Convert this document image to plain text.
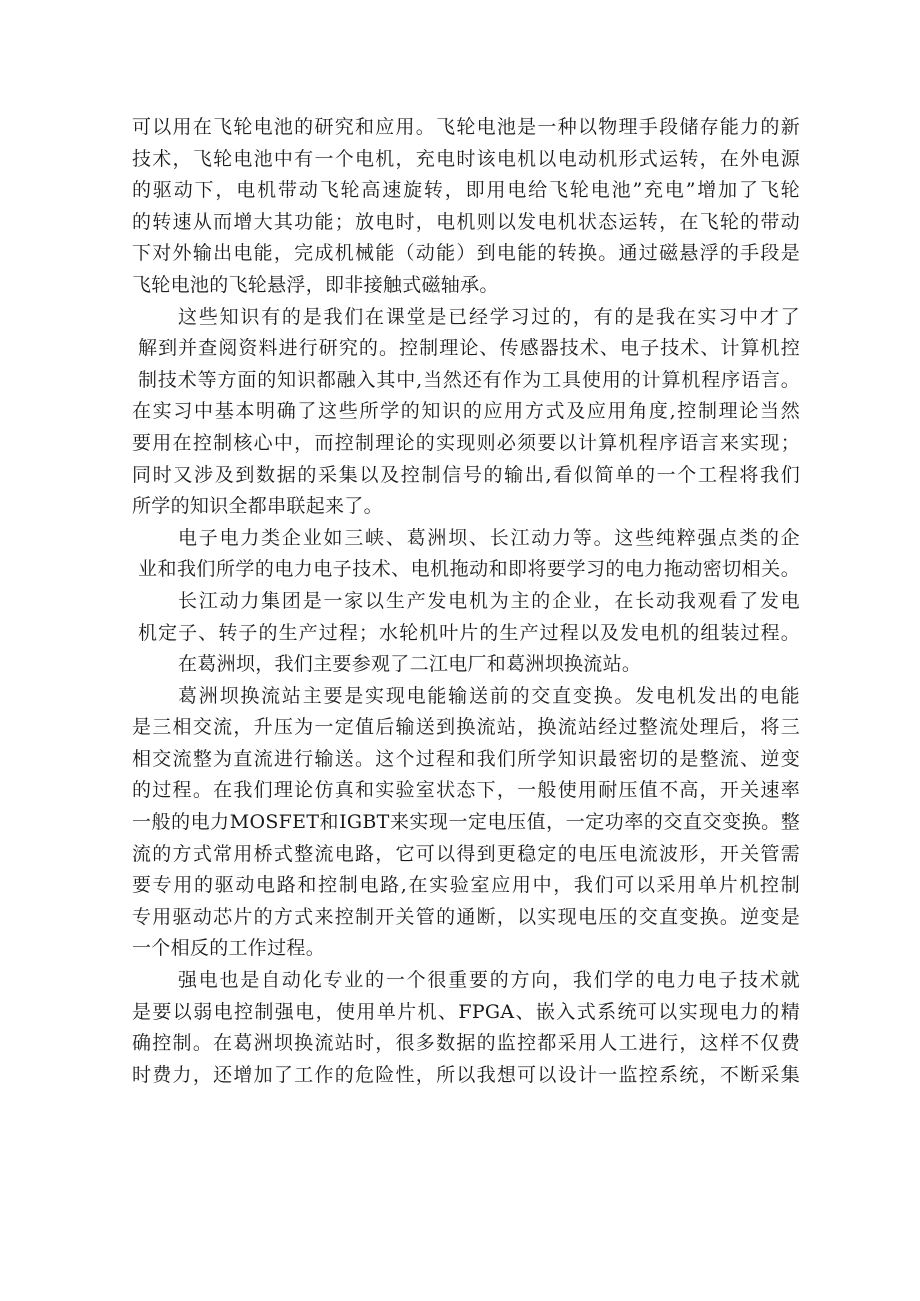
可以用在飞轮电池的研究和应用。飞轮电池是一种以物理手段储存能力的新
技术，飞轮电池中有一个电机，充电时该电机以电动机形式运转，在外电源
的驱动下，电机带动飞轮高速旋转，即用电给飞轮电池”充电”增加了飞轮
的转速从而增大其功能；放电时，电机则以发电机状态运转，在飞轮的带动
下对外输出电能，完成机械能（动能）到电能的转换。通过磁悬浮的手段是
飞轮电池的飞轮悬浮，即非接触式磁轴承。
这些知识有的是我们在课堂是已经学习过的，有的是我在实习中才了
解到并查阅资料进行研究的。控制理论、传感器技术、电子技术、计算机控
制技术等方面的知识都融入其中,当然还有作为工具使用的计算机程序语言。
在实习中基本明确了这些所学的知识的应用方式及应用角度,控制理论当然
要用在控制核心中，而控制理论的实现则必须要以计算机程序语言来实现；
同时又涉及到数据的采集以及控制信号的输出,看似简单的一个工程将我们
所学的知识全都串联起来了。
电子电力类企业如三峡、葛洲坝、长江动力等。这些纯粹强点类的企
业和我们所学的电力电子技术、电机拖动和即将要学习的电力拖动密切相关。
长江动力集团是一家以生产发电机为主的企业，在长动我观看了发电
机定子、转子的生产过程；水轮机叶片的生产过程以及发电机的组装过程。
在葛洲坝，我们主要参观了二江电厂和葛洲坝换流站。
葛洲坝换流站主要是实现电能输送前的交直变换。发电机发出的电能
是三相交流，升压为一定值后输送到换流站，换流站经过整流处理后，将三
相交流整为直流进行输送。这个过程和我们所学知识最密切的是整流、逆变
的过程。在我们理论仿真和实验室状态下，一般使用耐压值不高，开关速率
一般的电力MOSFET和IGBT来实现一定电压值，一定功率的交直交变换。整
流的方式常用桥式整流电路，它可以得到更稳定的电压电流波形，开关管需
要专用的驱动电路和控制电路,在实验室应用中，我们可以采用单片机控制
专用驱动芯片的方式来控制开关管的通断，以实现电压的交直变换。逆变是
一个相反的工作过程。
强电也是自动化专业的一个很重要的方向，我们学的电力电子技术就
是要以弱电控制强电，使用单片机、FPGA、嵌入式系统可以实现电力的精
确控制。在葛洲坝换流站时，很多数据的监控都采用人工进行，这样不仅费
时费力，还增加了工作的危险性，所以我想可以设计一监控系统，不断采集
